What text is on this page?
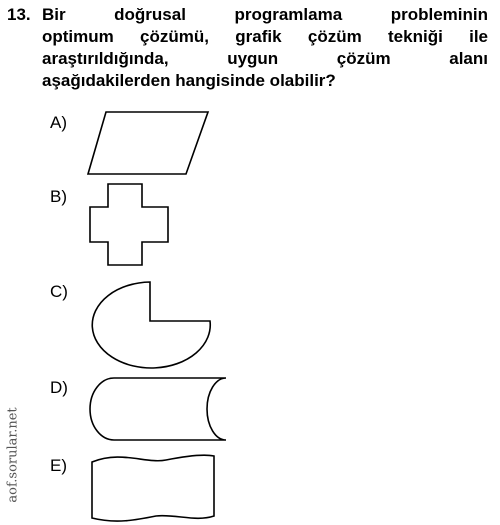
13. Bir doğrusal programlama probleminin
optimum çözümü, grafik çözüm tekniği ile
araştırıldığında, uygun çözüm alanı
aşağıdakilerden hangisinde olabilir?
A)
B)
C)
D)
E)
aof.sorular.net
